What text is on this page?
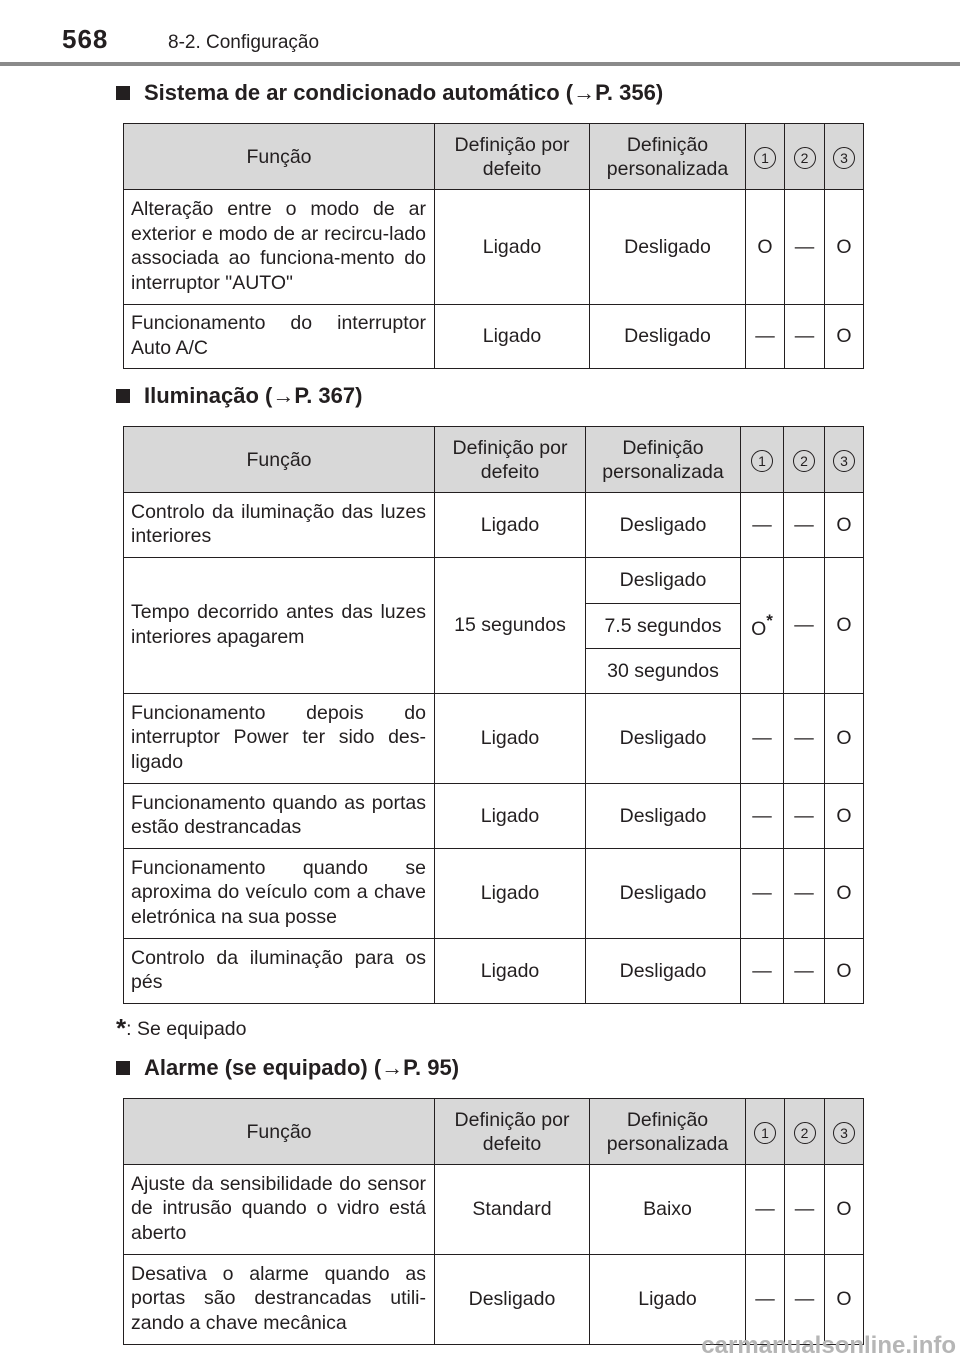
568	8-2. Configuração
Sistema de ar condicionado automático (→P. 356)
Função	Definição por defeito	Definição personalizada	1	2	3
Alteração entre o modo de ar exterior e modo de ar recircu-lado associada ao funciona-mento do interruptor "AUTO"	Ligado	Desligado	O	—	O
Funcionamento do interruptor Auto A/C	Ligado	Desligado	—	—	O
Iluminação (→P. 367)
Função	Definição por defeito	Definição personalizada	1	2	3
Controlo da iluminação das luzes interiores	Ligado	Desligado	—	—	O
Tempo decorrido antes das luzes interiores apagarem	15 segundos	Desligado	O*	—	O
		7.5 segundos			
		30 segundos			
Funcionamento depois do interruptor Power ter sido des-ligado	Ligado	Desligado	—	—	O
Funcionamento quando as portas estão destrancadas	Ligado	Desligado	—	—	O
Funcionamento quando se aproxima do veículo com a chave eletrónica na sua posse	Ligado	Desligado	—	—	O
Controlo da iluminação para os pés	Ligado	Desligado	—	—	O
*: Se equipado
Alarme (se equipado) (→P. 95)
Função	Definição por defeito	Definição personalizada	1	2	3
Ajuste da sensibilidade do sensor de intrusão quando o vidro está aberto	Standard	Baixo	—	—	O
Desativa o alarme quando as portas são destrancadas utili-zando a chave mecânica	Desligado	Ligado	—	—	O
carmanualsonline.info
